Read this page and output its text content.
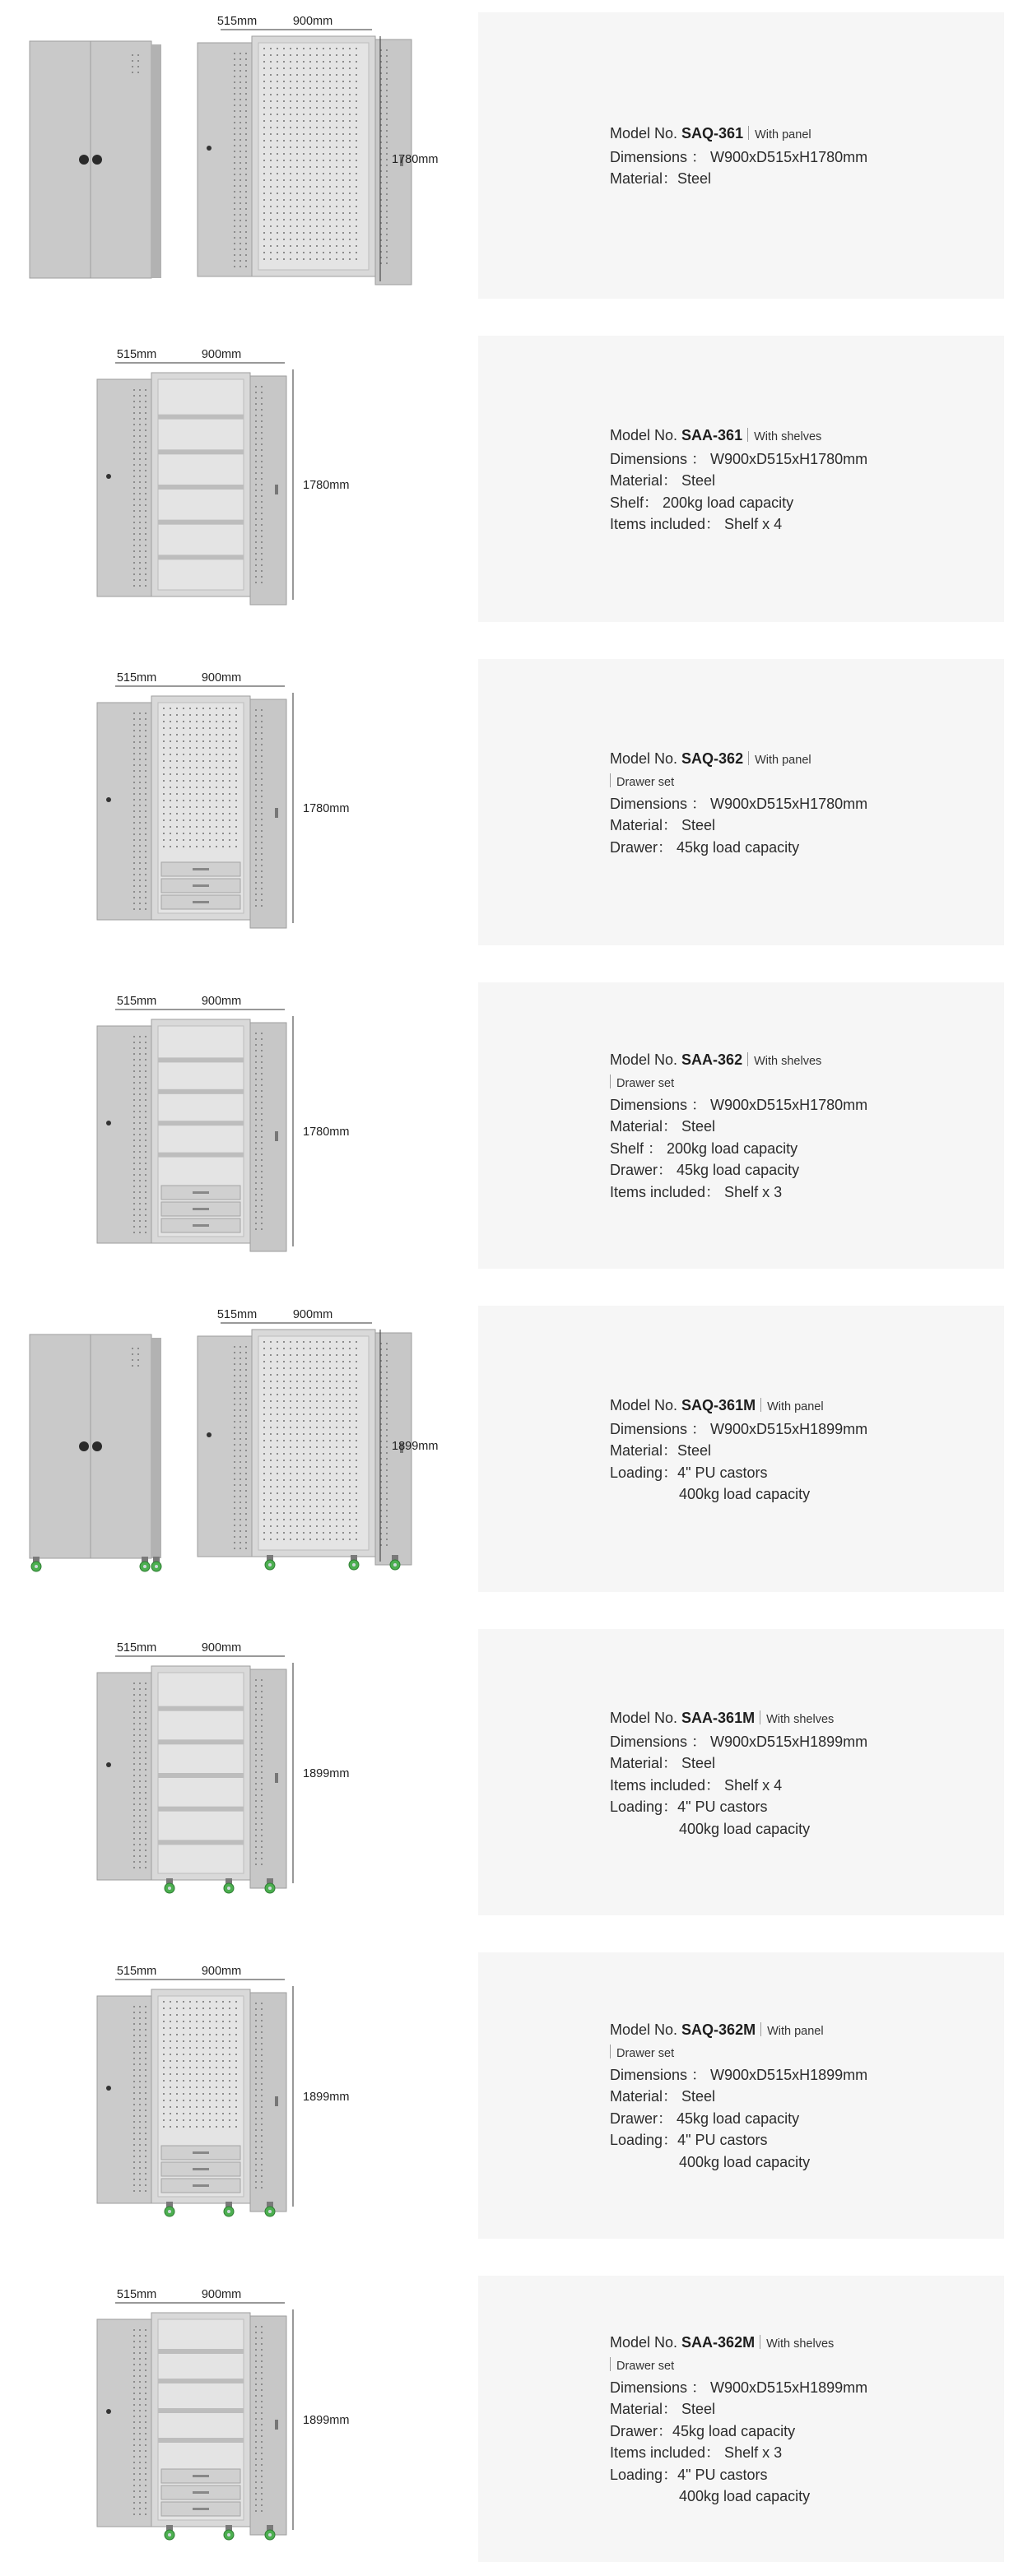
515mm	900mm
1780mm
Model No. SAQ-361 With panel
Dimensions ： W900xD515xH1780mm
Material：Steel
515mm	900mm
1780mm
Model No. SAA-361 With shelves
Dimensions ： W900xD515xH1780mm
Material： Steel
Shelf： 200kg load capacity
Items included： Shelf x 4
515mm	900mm
1780mm
Model No. SAQ-362 With panel
Drawer set
Dimensions ： W900xD515xH1780mm
Material： Steel
Drawer： 45kg load capacity
515mm	900mm
1780mm
Model No. SAA-362 With shelves
Drawer set
Dimensions ： W900xD515xH1780mm
Material： Steel
Shelf ： 200kg load capacity
Drawer： 45kg load capacity
Items included： Shelf x 3
515mm	900mm
1899mm
Model No. SAQ-361M With panel
Dimensions ： W900xD515xH1899mm
Material：Steel
Loading：4" PU castors
400kg load capacity
515mm	900mm
1899mm
Model No. SAA-361M With shelves
Dimensions ： W900xD515xH1899mm
Material： Steel
Items included： Shelf x 4
Loading：4" PU castors
400kg load capacity
515mm	900mm
1899mm
Model No. SAQ-362M With panel
Drawer set
Dimensions ： W900xD515xH1899mm
Material： Steel
Drawer： 45kg load capacity
Loading：4" PU castors
400kg load capacity
515mm	900mm
1899mm
Model No. SAA-362M With shelves
Drawer set
Dimensions ： W900xD515xH1899mm
Material： Steel
Drawer：45kg load capacity
Items included： Shelf x 3
Loading：4" PU castors
400kg load capacity
